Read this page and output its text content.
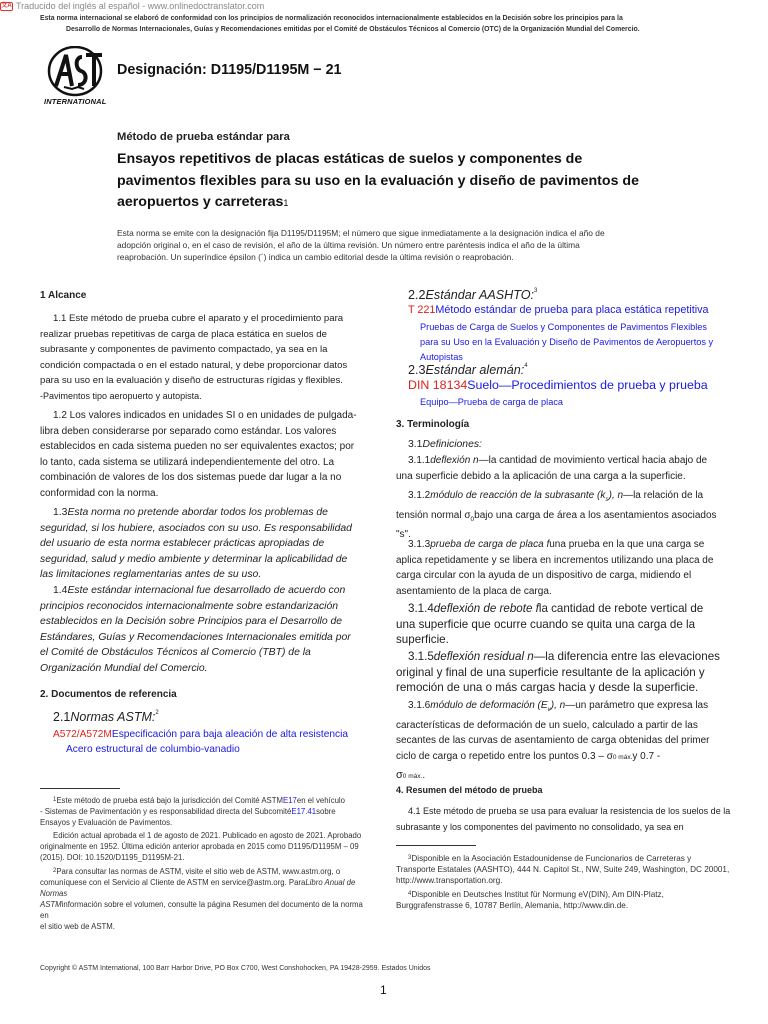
文A Traducido del inglés al español - www.onlinedoctranslator.com
Esta norma internacional se elaboró de conformidad con los principios de normalización reconocidos internacionalmente establecidos en la Decisión sobre los principios para la
Desarrollo de Normas Internacionales, Guías y Recomendaciones emitidas por el Comité de Obstáculos Técnicos al Comercio (OTC) de la Organización Mundial del Comercio.
INTERNATIONAL
Designación: D1195/D1195M − 21
Método de prueba estándar para
Ensayos repetitivos de placas estáticas de suelos y componentes de
pavimentos flexibles para su uso en la evaluación y diseño de pavimentos de
aeropuertos y carreteras1
Esta norma se emite con la designación fija D1195/D1195M; el número que sigue inmediatamente a la designación indica el año de
adopción original o, en el caso de revisión, el año de la última revisión. Un número entre paréntesis indica el año de la última
reaprobación. Un superíndice épsilon (´) indica un cambio editorial desde la última revisión o reaprobación.
1 Alcance
1.1 Este método de prueba cubre el aparato y el procedimiento para
realizar pruebas repetitivas de carga de placa estática en suelos de
subrasante y componentes de pavimento compactado, ya sea en la
condición compactada o en el estado natural, y debe proporcionar datos
para su uso en la evaluación y diseño de estructuras rígidas y flexibles.
-Pavimentos tipo aeropuerto y autopista.
1.2 Los valores indicados en unidades SI o en unidades de pulgada-
libra deben considerarse por separado como estándar. Los valores
establecidos en cada sistema pueden no ser equivalentes exactos; por
lo tanto, cada sistema se utilizará independientemente del otro. La
combinación de valores de los dos sistemas puede dar lugar a la no
conformidad con la norma.
1.3Esta norma no pretende abordar todos los problemas de
seguridad, si los hubiere, asociados con su uso. Es responsabilidad
del usuario de esta norma establecer prácticas apropiadas de
seguridad, salud y medio ambiente y determinar la aplicabilidad de
las limitaciones reglamentarias antes de su uso.
1.4Este estándar internacional fue desarrollado de acuerdo con
principios reconocidos internacionalmente sobre estandarización
establecidos en la Decisión sobre Principios para el Desarrollo de
Estándares, Guías y Recomendaciones Internacionales emitida por
el Comité de Obstáculos Técnicos al Comercio (TBT) de la
Organización Mundial del Comercio.
2. Documentos de referencia
2.1Normas ASTM:$^2$
A572/A572MEspecificación para baja aleación de alta resistencia
Acero estructural de columbio-vanadio
$^1$Este método de prueba está bajo la jurisdicción del Comité ASTME17en el vehículo
- Sistemas de Pavimentación y es responsabilidad directa del SubcomitéE17.41sobre
Ensayos y Evaluación de Pavimentos.
Edición actual aprobada el 1 de agosto de 2021. Publicado en agosto de 2021. Aprobado
originalmente en 1952. Última edición anterior aprobada en 2015 como D1195/D1195M – 09
(2015). DOI: 10.1520/D1195_D1195M-21.
$^2$Para consultar las normas de ASTM, visite el sitio web de ASTM, www.astm.org, o
comuníquese con el Servicio al Cliente de ASTM en service@astm.org. ParaLibro Anual de Normas
ASTMinformación sobre el volumen, consulte la página Resumen del documento de la norma en
el sitio web de ASTM.
2.2Estándar AASHTO:$^3$
T 221Método estándar de prueba para placa estática repetitiva
Pruebas de Carga de Suelos y Componentes de Pavimentos Flexibles
para su Uso en la Evaluación y Diseño de Pavimentos de Aeropuertos y
Autopistas
2.3Estándar alemán:$^4$
DIN 18134Suelo—Procedimientos de prueba y prueba
Equipo—Prueba de carga de placa
3. Terminología
3.1Definiciones:
3.1.1deflexión n—la cantidad de movimiento vertical hacia abajo de
una superficie debido a la aplicación de una carga a la superficie.
3.1.2módulo de reacción de la subrasante $(k_s)$, n—la relación de la
tensión normal $\sigma_0bajo$ una carga de área a los asentamientos asociados
"s".
3.1.3prueba de carga de placa funa prueba en la que una carga se
aplica repetidamente y se libera en incrementos utilizando una placa de
carga circular con la ayuda de un dispositivo de carga, midiendo el
asentamiento de la placa de carga.
3.1.4deflexión de rebote fla cantidad de rebote vertical de
una superficie que ocurre cuando se quita una carga de la
superficie.
3.1.5deflexión residual n—la diferencia entre las elevaciones
original y final de una superficie resultante de la aplicación y
remoción de una o más cargas hacia y desde la superficie.
3.1.6módulo de deformación $(E_v)$, n—un parámetro que expresa las
características de deformación de un suelo, calculado a partir de las
secantes de las curvas de asentamiento de carga obtenidas del primer
ciclo de carga o repetido entre los puntos 0.3 – σ0 máx.y 0.7 -
σ0 máx..
4. Resumen del método de prueba
4.1 Este método de prueba se usa para evaluar la resistencia de los suelos de la
subrasante y los componentes del pavimento no consolidado, ya sea en
$^3$Disponible en la Asociación Estadounidense de Funcionarios de Carreteras y
Transporte Estatales (AASHTO), 444 N. Capitol St., NW, Suite 249, Washington, DC 20001,
http://www.transportation.org.
$^4$Disponible en Deutsches Institut für Normung eV(DIN), Am DIN-Platz,
Burggrafenstrasse 6, 10787 Berlín, Alemania, http://www.din.de.
Copyright © ASTM International, 100 Barr Harbor Drive, PO Box C700, West Conshohocken, PA 19428-2959. Estados Unidos
1
